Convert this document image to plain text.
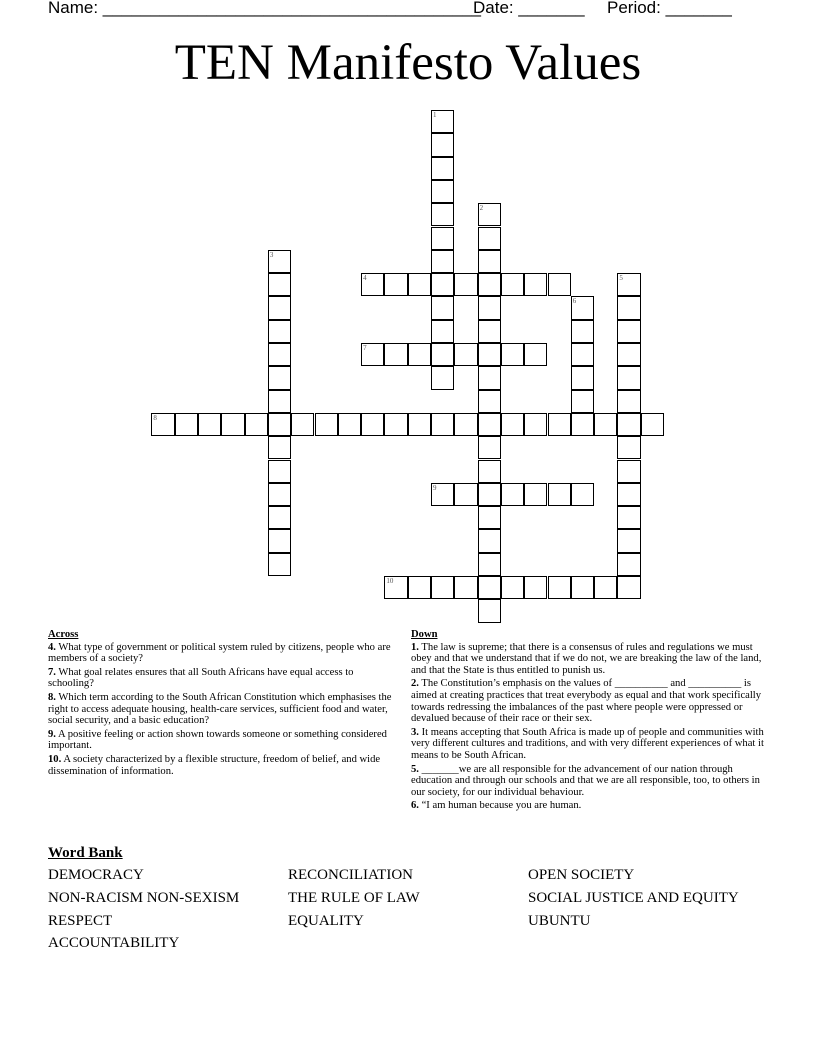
Name: ________________________________________

Date: _______

Period: _______

TEN Manifesto Values
1
2
3
4	5
6
7
8
9
10
Across
4. What type of government or political system ruled by citizens, people who are members of a society?
7. What goal relates ensures that all South Africans have equal access to schooling?
8. Which term according to the South African Constitution which emphasises the right to access adequate housing, health-care services, sufficient food and water, social security, and a basic education?
9. A positive feeling or action shown towards someone or something considered important.
10. A society characterized by a flexible structure, freedom of belief, and wide dissemination of information.
Down
1. The law is supreme; that there is a consensus of rules and regulations we must obey and that we understand that if we do not, we are breaking the law of the land, and that the State is thus entitled to punish us.
2. The Constitution’s emphasis on the values of __________ and __________ is aimed at creating practices that treat everybody as equal and that work specifically towards redressing the imbalances of the past where people were oppressed or devalued because of their race or their sex.
3. It means accepting that South Africa is made up of people and communities with very different cultures and traditions, and with very different experiences of what it means to be South African.
5. _______we are all responsible for the advancement of our nation through education and through our schools and that we are all responsible, too, to others in our society, for our individual behaviour.
6. “I am human because you are human.
Word Bank
DEMOCRACY	RECONCILIATION	OPEN SOCIETY
NON-RACISM NON-SEXISM	THE RULE OF LAW	SOCIAL JUSTICE AND EQUITY
RESPECT	EQUALITY	UBUNTU
ACCOUNTABILITY
